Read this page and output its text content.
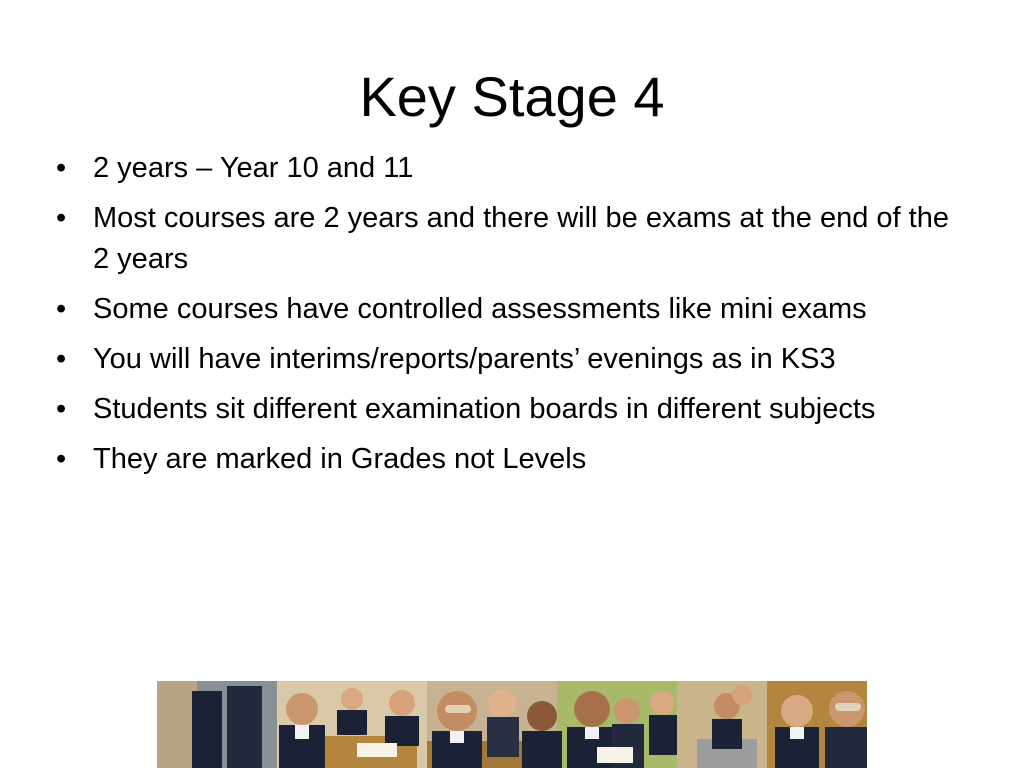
Key Stage 4
• 2 years – Year 10 and 11
• Most courses are 2 years and there will be exams at the end of the 2 years
• Some courses have controlled assessments like mini exams
• You will have interims/reports/parents’ evenings as in KS3
• Students sit different examination boards in different subjects
• They are marked in Grades not Levels
